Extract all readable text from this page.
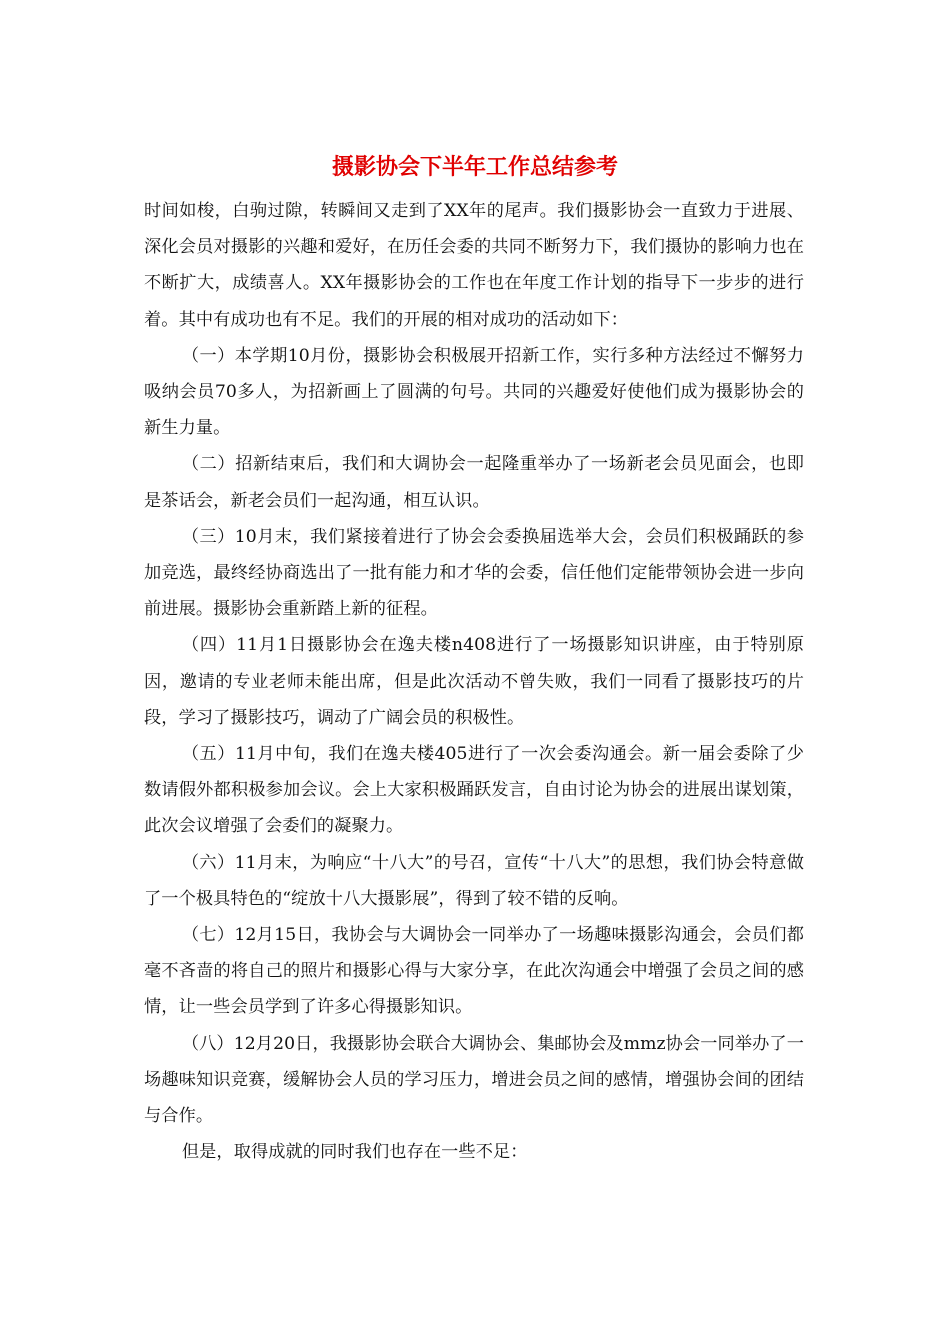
摄影协会下半年工作总结参考

时间如梭，白驹过隙，转瞬间又走到了XX年的尾声。我们摄影协会一直致力于进展、深化会员对摄影的兴趣和爱好，在历任会委的共同不断努力下，我们摄协的影响力也在不断扩大，成绩喜人。XX年摄影协会的工作也在年度工作计划的指导下一步步的进行着。其中有成功也有不足。我们的开展的相对成功的活动如下：

（一）本学期10月份，摄影协会积极展开招新工作，实行多种方法经过不懈努力吸纳会员70多人，为招新画上了圆满的句号。共同的兴趣爱好使他们成为摄影协会的新生力量。

（二）招新结束后，我们和大调协会一起隆重举办了一场新老会员见面会，也即是茶话会，新老会员们一起沟通，相互认识。

（三）10月末，我们紧接着进行了协会会委换届选举大会，会员们积极踊跃的参加竞选，最终经协商选出了一批有能力和才华的会委，信任他们定能带领协会进一步向前进展。摄影协会重新踏上新的征程。

（四）11月1日摄影协会在逸夫楼n408进行了一场摄影知识讲座，由于特别原因，邀请的专业老师未能出席，但是此次活动不曾失败，我们一同看了摄影技巧的片段，学习了摄影技巧，调动了广阔会员的积极性。

（五）11月中旬，我们在逸夫楼405进行了一次会委沟通会。新一届会委除了少数请假外都积极参加会议。会上大家积极踊跃发言，自由讨论为协会的进展出谋划策，此次会议增强了会委们的凝聚力。

（六）11月末，为响应“十八大”的号召，宣传“十八大”的思想，我们协会特意做了一个极具特色的“绽放十八大摄影展”，得到了较不错的反响。

（七）12月15日，我协会与大调协会一同举办了一场趣味摄影沟通会，会员们都毫不吝啬的将自己的照片和摄影心得与大家分享，在此次沟通会中增强了会员之间的感情，让一些会员学到了许多心得摄影知识。

（八）12月20日，我摄影协会联合大调协会、集邮协会及mmz协会一同举办了一场趣味知识竞赛，缓解协会人员的学习压力，增进会员之间的感情，增强协会间的团结与合作。

但是，取得成就的同时我们也存在一些不足：
